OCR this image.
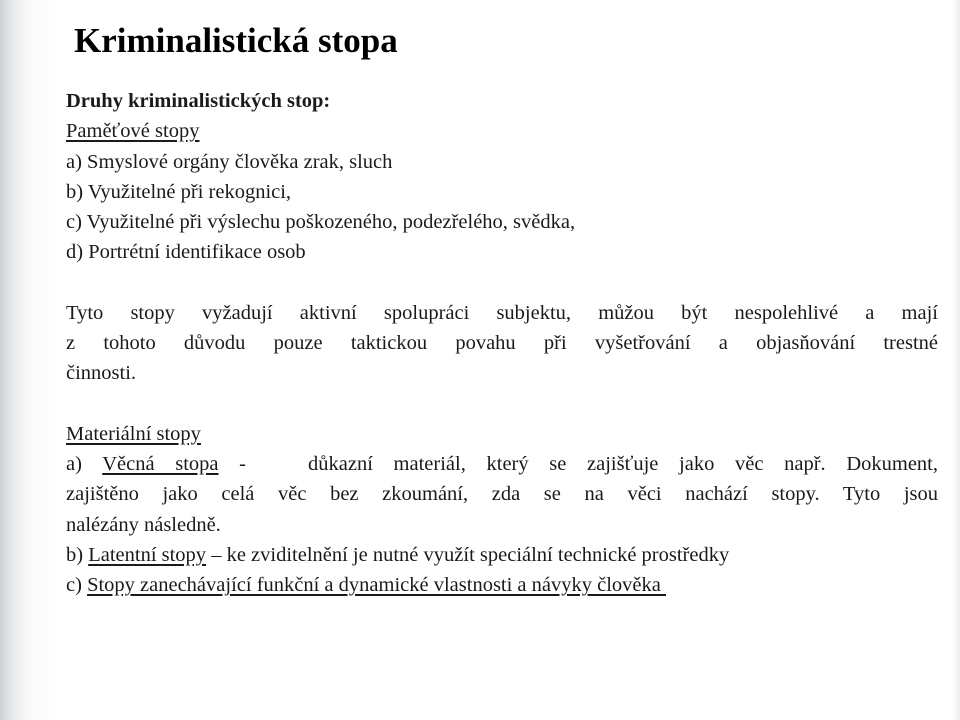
Kriminalistická stopa

Druhy kriminalistických stop:

Paměťové stopy

a) Smyslové orgány člověka zrak, sluch

b) Využitelné při rekognici,

c) Využitelné při výslechu poškozeného, podezřelého, svědka,

d) Portrétní identifikace osob

Tyto stopy vyžadují aktivní spolupráci subjektu, můžou být nespolehlivé a mají
z tohoto důvodu pouze taktickou povahu při vyšetřování a objasňování trestné
činnosti.

Materiální stopy

a) Věcná stopa -   důkazní materiál, který se zajišťuje jako věc např. Dokument,
zajištěno jako celá věc bez zkoumání, zda se na věci nachází stopy. Tyto jsou
nalézány následně.

b) Latentní stopy – ke zviditelnění je nutné využít speciální technické prostředky

c) Stopy zanechávající funkční a dynamické vlastnosti a návyky člověka
